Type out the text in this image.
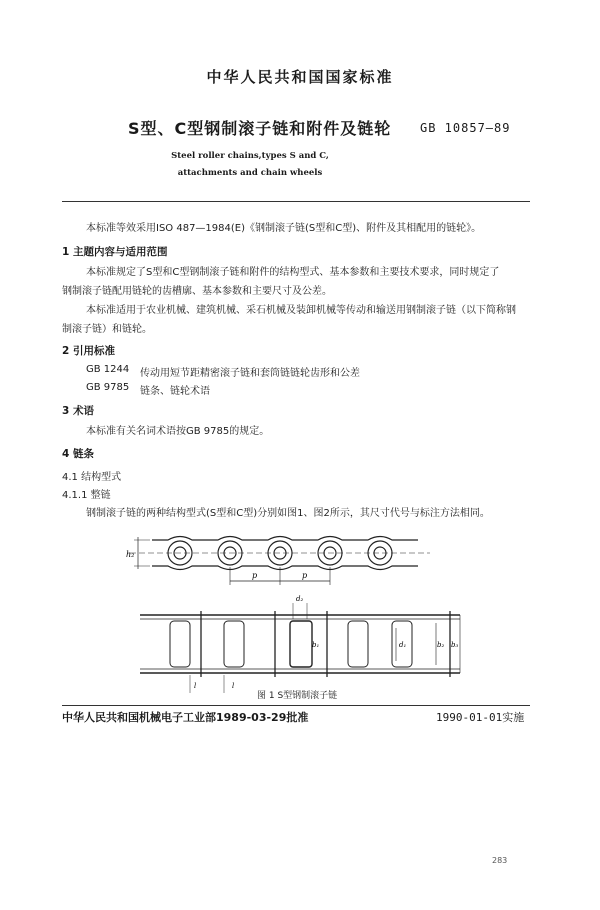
中华人民共和国国家标准
S型、C型钢制滚子链和附件及链轮 GB 10857—89
Steel roller chains,types S and C,
attachments and chain wheels
本标准等效采用ISO 487—1984(E)《钢制滚子链(S型和C型)、附件及其相配用的链轮》。
1 主题内容与适用范围
本标准规定了S型和C型钢制滚子链和附件的结构型式、基本参数和主要技术要求，同时规定了
钢制滚子链配用链轮的齿槽廓、基本参数和主要尺寸及公差。
本标准适用于农业机械、建筑机械、采石机械及装卸机械等传动和输送用钢制滚子链（以下简称钢
制滚子链）和链轮。
2 引用标准
GB 1244 传动用短节距精密滚子链和套筒链链轮齿形和公差
GB 9785 链条、链轮术语
3 术语
本标准有关名词术语按GB 9785的规定。
4 链条
4.1 结构型式
4.1.1 整链
钢制滚子链的两种结构型式(S型和C型)分别如图1、图2所示，其尺寸代号与标注方法相同。
h₂
p	p
d₂
d₁
b₁	b₂ b₃
l	l
图 1 S型钢制滚子链
中华人民共和国机械电子工业部1989-03-29批准	1990-01-01实施
283
